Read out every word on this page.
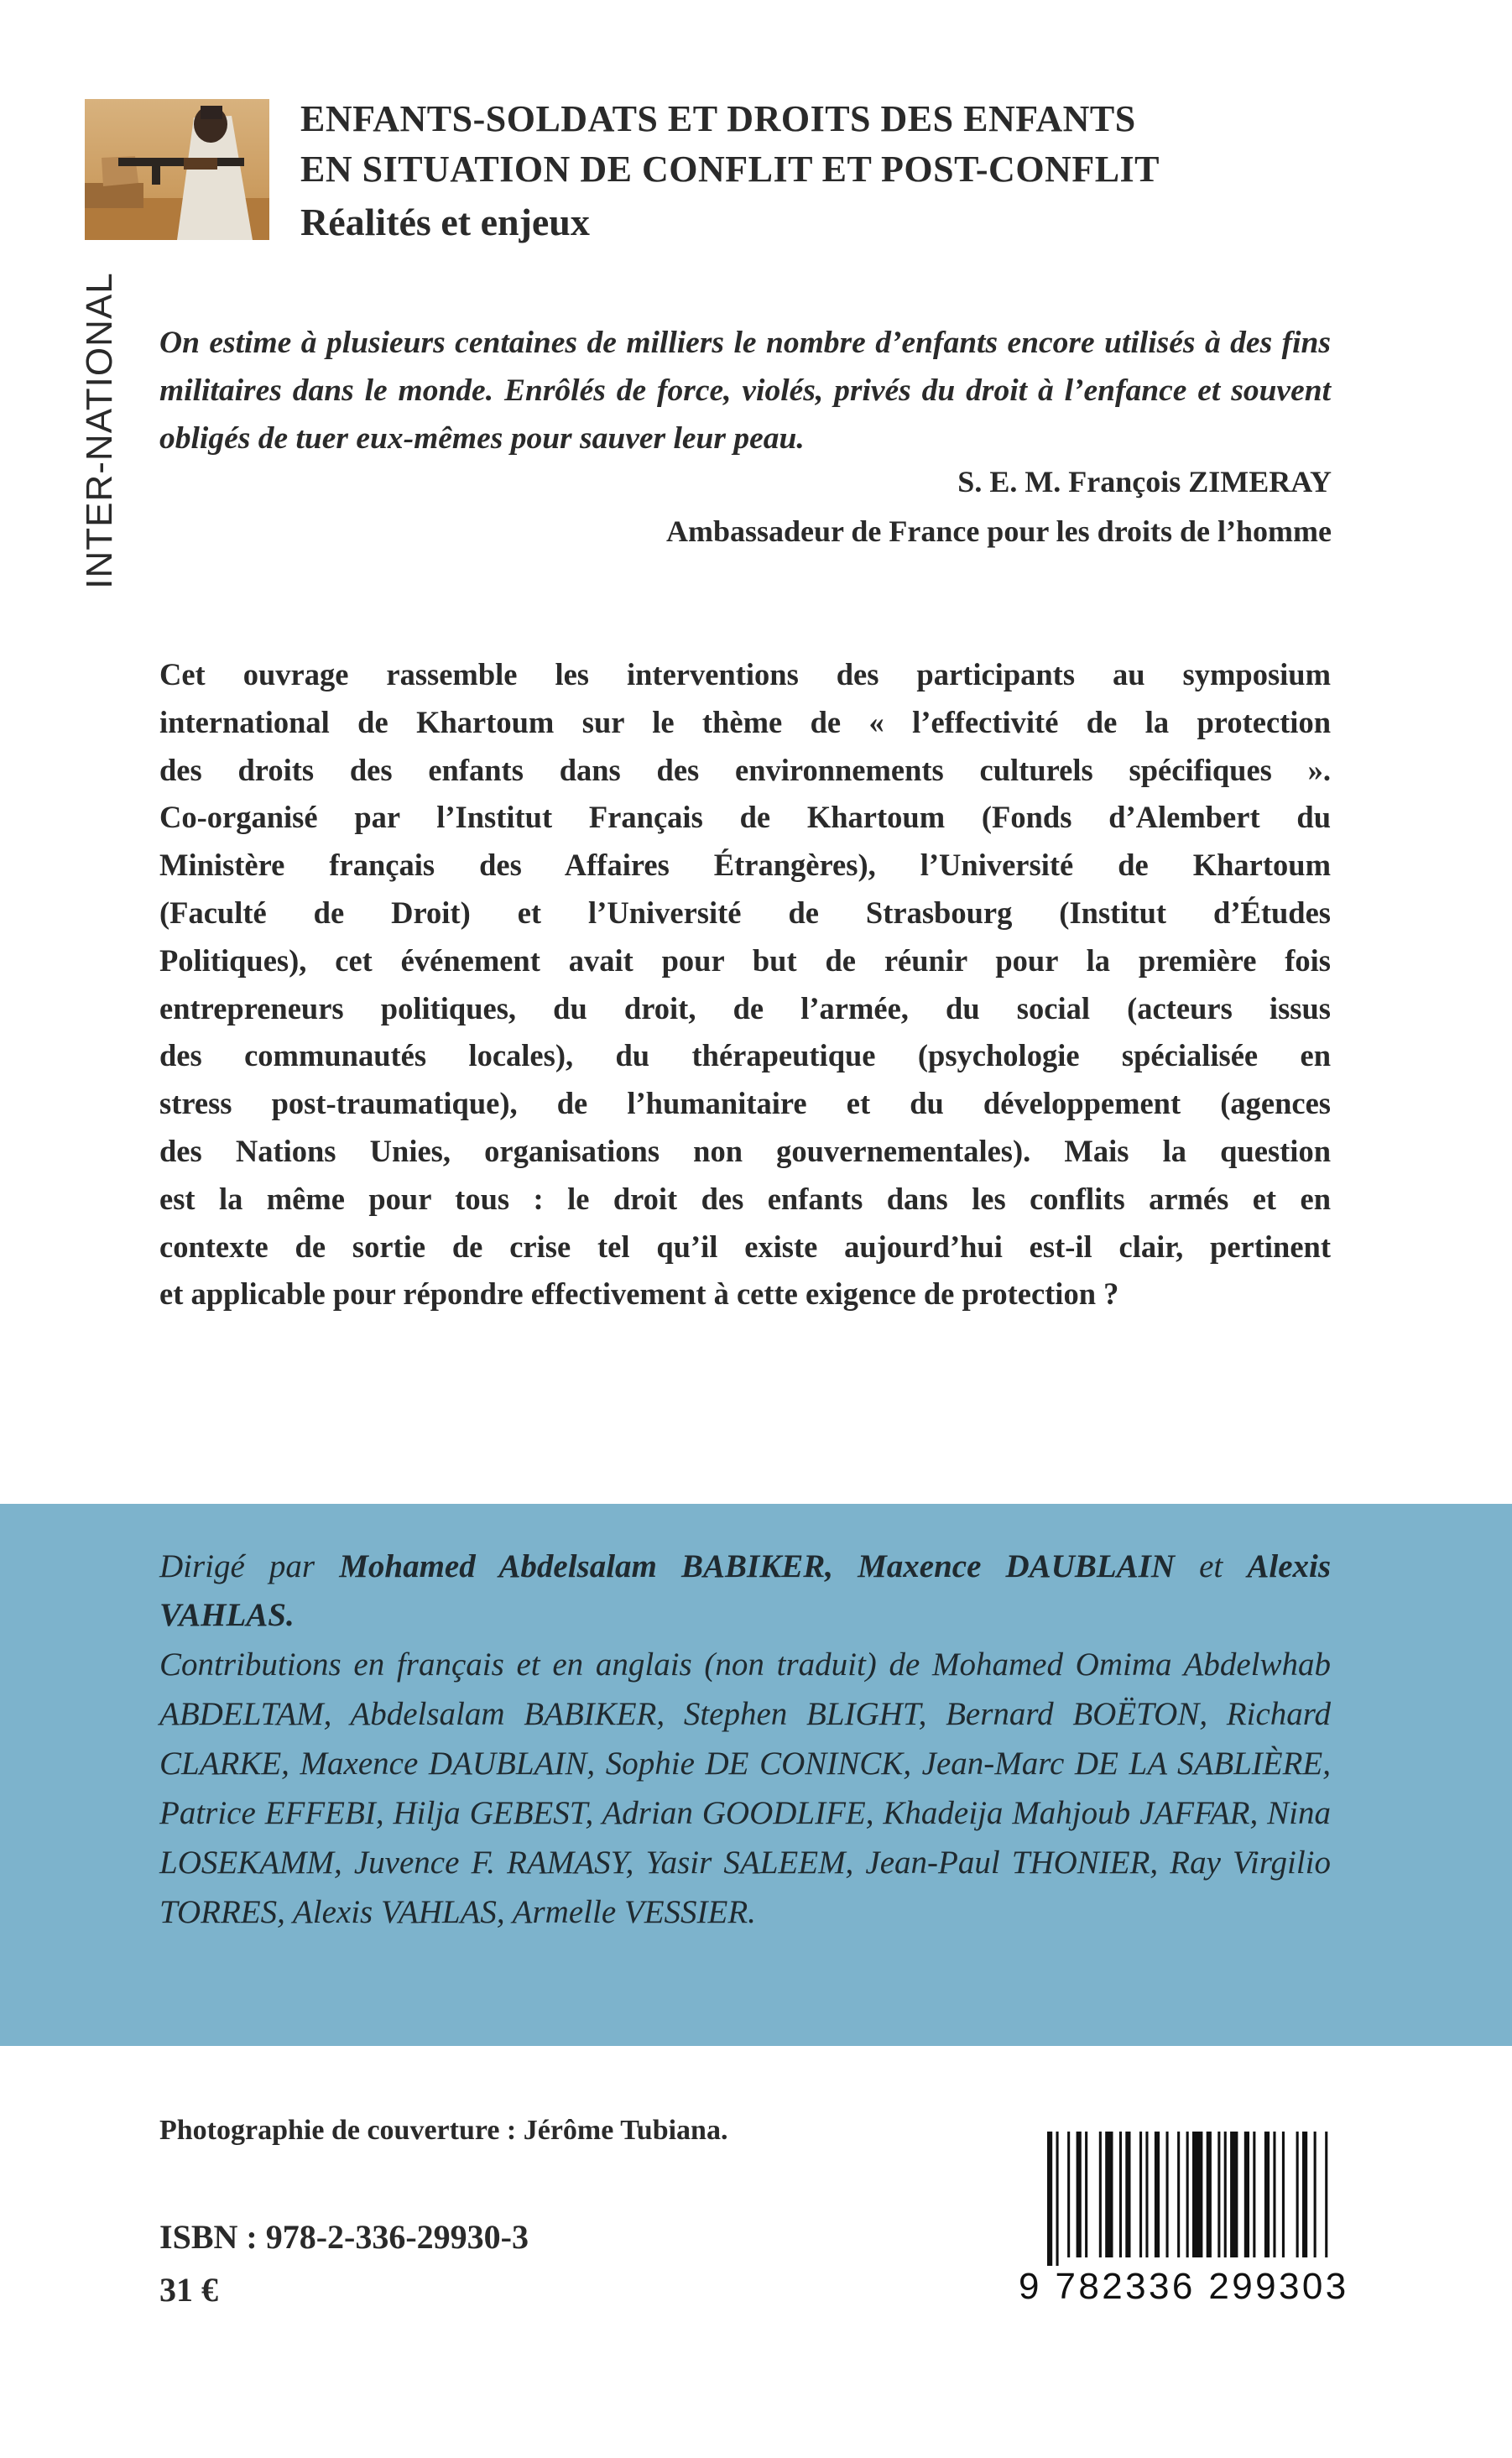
INTER-NATIONAL
ENFANTS-SOLDATS ET DROITS DES ENFANTS
EN SITUATION DE CONFLIT ET POST-CONFLIT
Réalités et enjeux
On estime à plusieurs centaines de milliers le nombre d’enfants encore utilisés à des fins militaires dans le monde. Enrôlés de force, violés, privés du droit à l’enfance et souvent obligés de tuer eux-mêmes pour sauver leur peau.
S. E. M. François ZIMERAY
Ambassadeur de France pour les droits de l’homme
Cet ouvrage rassemble les interventions des participants au symposium
international de Khartoum sur le thème de « l’effectivité de la protection
des droits des enfants dans des environnements culturels spécifiques ».
Co-organisé par l’Institut Français de Khartoum (Fonds d’Alembert du
Ministère français des Affaires Étrangères), l’Université de Khartoum
(Faculté de Droit) et l’Université de Strasbourg (Institut d’Études
Politiques), cet événement avait pour but de réunir pour la première fois
entrepreneurs politiques, du droit, de l’armée, du social (acteurs issus
des communautés locales), du thérapeutique (psychologie spécialisée en
stress post-traumatique), de l’humanitaire et du développement (agences
des Nations Unies, organisations non gouvernementales). Mais la question
est la même pour tous : le droit des enfants dans les conflits armés et en
contexte de sortie de crise tel qu’il existe aujourd’hui est-il clair, pertinent
et applicable pour répondre effectivement à cette exigence de protection ?
Dirigé par Mohamed Abdelsalam BABIKER, Maxence DAUBLAIN et Alexis VAHLAS.
Contributions en français et en anglais (non traduit) de Mohamed Omima Abdelwhab ABDELTAM, Abdelsalam BABIKER, Stephen BLIGHT, Bernard BOËTON, Richard CLARKE, Maxence DAUBLAIN, Sophie DE CONINCK, Jean-Marc DE LA SABLIÈRE, Patrice EFFEBI, Hilja GEBEST, Adrian GOODLIFE, Khadeija Mahjoub JAFFAR, Nina LOSEKAMM, Juvence F. RAMASY, Yasir SALEEM, Jean-Paul THONIER, Ray Virgilio TORRES, Alexis VAHLAS, Armelle VESSIER.
Photographie de couverture : Jérôme Tubiana.
ISBN : 978-2-336-29930-3
31 €	9 782336 299303
